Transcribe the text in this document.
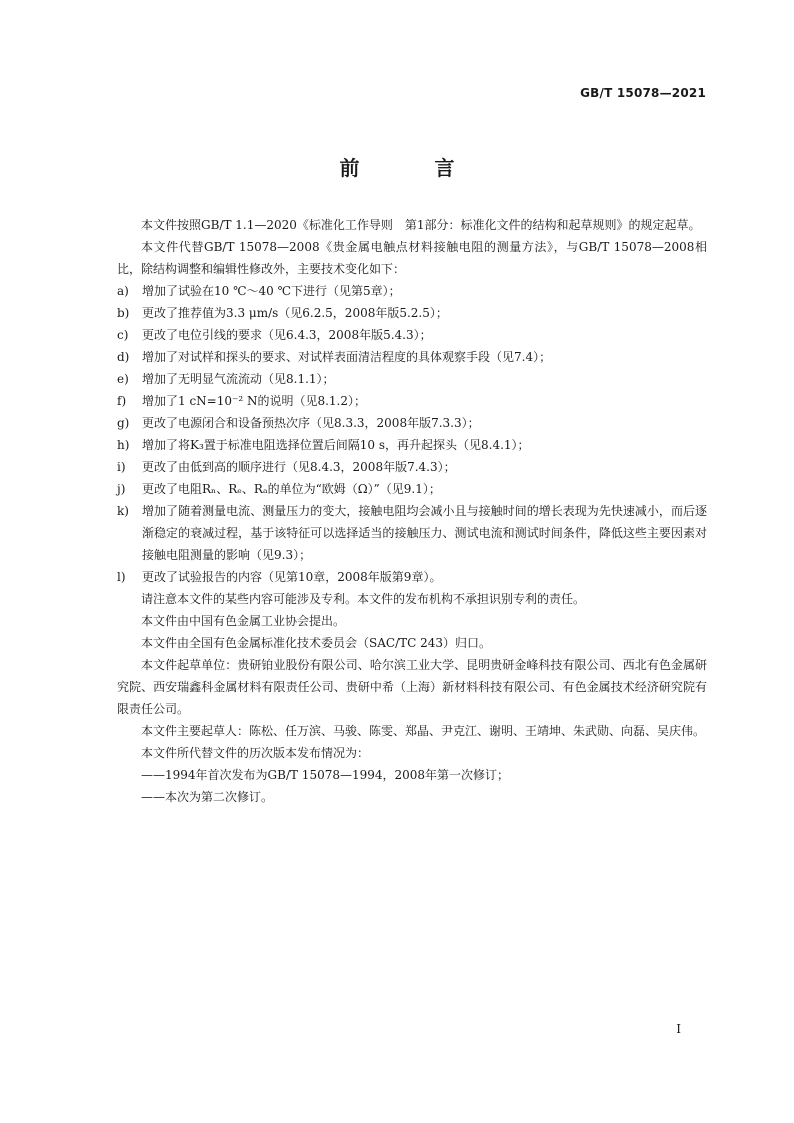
GB/T 15078—2021
前 言

本文件按照GB/T 1.1—2020《标准化工作导则　第1部分：标准化文件的结构和起草规则》的规定起草。

本文件代替GB/T 15078—2008《贵金属电触点材料接触电阻的测量方法》，与GB/T 15078—2008相比，除结构调整和编辑性修改外，主要技术变化如下：

a)	增加了试验在10 ℃～40 ℃下进行（见第5章）；
b)	更改了推荐值为3.3 μm/s（见6.2.5，2008年版5.2.5）；
c)	更改了电位引线的要求（见6.4.3，2008年版5.4.3）；
d)	增加了对试样和探头的要求、对试样表面清洁程度的具体观察手段（见7.4）；
e)	增加了无明显气流流动（见8.1.1）；
f)	增加了1 cN=10⁻² N的说明（见8.1.2）；
g)	更改了电源闭合和设备预热次序（见8.3.3，2008年版7.3.3）；
h)	增加了将K₃置于标准电阻选择位置后间隔10 s，再升起探头（见8.4.1）；
i)	更改了由低到高的顺序进行（见8.4.3，2008年版7.4.3）；
j)	更改了电阻Rₙ、Rₑ、Rₐ的单位为“欧姆（Ω）”（见9.1）；
k)	增加了随着测量电流、测量压力的变大，接触电阻均会减小且与接触时间的增长表现为先快速减小，而后逐渐稳定的衰减过程，基于该特征可以选择适当的接触压力、测试电流和测试时间条件，降低这些主要因素对接触电阻测量的影响（见9.3）；
l)	更改了试验报告的内容（见第10章，2008年版第9章）。

请注意本文件的某些内容可能涉及专利。本文件的发布机构不承担识别专利的责任。

本文件由中国有色金属工业协会提出。

本文件由全国有色金属标准化技术委员会（SAC/TC 243）归口。

本文件起草单位：贵研铂业股份有限公司、哈尔滨工业大学、昆明贵研金峰科技有限公司、西北有色金属研究院、西安瑞鑫科金属材料有限责任公司、贵研中希（上海）新材料科技有限公司、有色金属技术经济研究院有限责任公司。

本文件主要起草人：陈松、任万滨、马骏、陈雯、郑晶、尹克江、谢明、王靖坤、朱武勋、向磊、吴庆伟。

本文件所代替文件的历次版本发布情况为：

——1994年首次发布为GB/T 15078—1994，2008年第一次修订；

——本次为第二次修订。

I
